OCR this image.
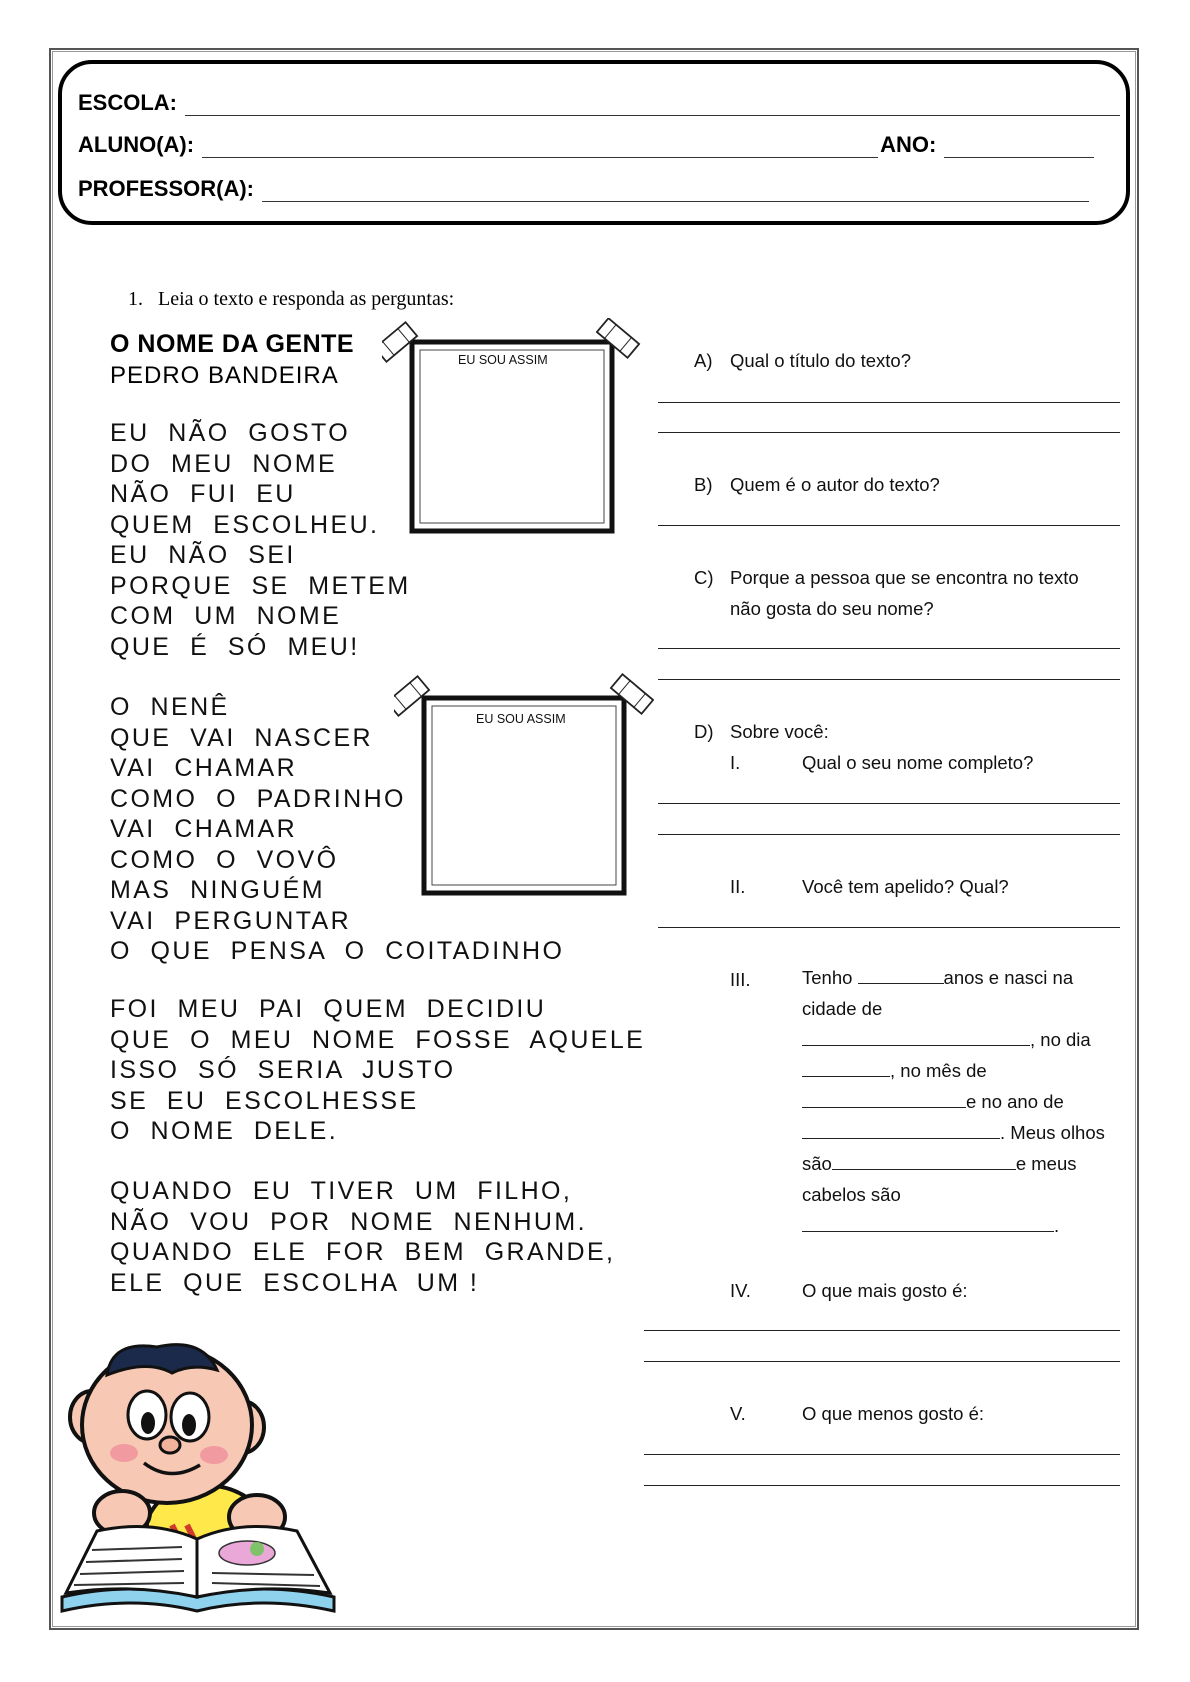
ESCOLA:
ALUNO(A):	ANO:
PROFESSOR(A):
1.   Leia o texto e responda as perguntas:
O NOME DA GENTE
PEDRO BANDEIRA
EU  NÃO  GOSTO
DO  MEU  NOME
NÃO  FUI  EU
QUEM  ESCOLHEU.
EU  NÃO  SEI
PORQUE  SE  METEM
COM  UM  NOME
QUE  É  SÓ  MEU!
O  NENÊ
QUE  VAI  NASCER
VAI  CHAMAR
COMO  O  PADRINHO
VAI  CHAMAR
COMO  O  VOVÔ
MAS  NINGUÉM
VAI  PERGUNTAR
O  QUE  PENSA  O  COITADINHO
FOI  MEU  PAI  QUEM  DECIDIU
QUE  O  MEU  NOME  FOSSE  AQUELE
ISSO  SÓ  SERIA  JUSTO
SE  EU  ESCOLHESSE
O  NOME  DELE.
QUANDO  EU  TIVER  UM  FILHO,
NÃO  VOU  POR  NOME  NENHUM.
QUANDO  ELE  FOR  BEM  GRANDE,
ELE  QUE  ESCOLHA  UM !
EU SOU ASSIM
EU SOU ASSIM
A) Qual o título do texto?
B) Quem é o autor do texto?
C) Porque a pessoa que se encontra no texto
não gosta do seu nome?
D) Sobre você:
I.	Qual o seu nome completo?
II.	Você tem apelido? Qual?
III.	Tenho	anos e nasci na cidade de
, no dia
, no mês de
e no ano de
. Meus olhos são	e meus cabelos são.
IV.	O que mais gosto é:
V.	O que menos gosto é:
